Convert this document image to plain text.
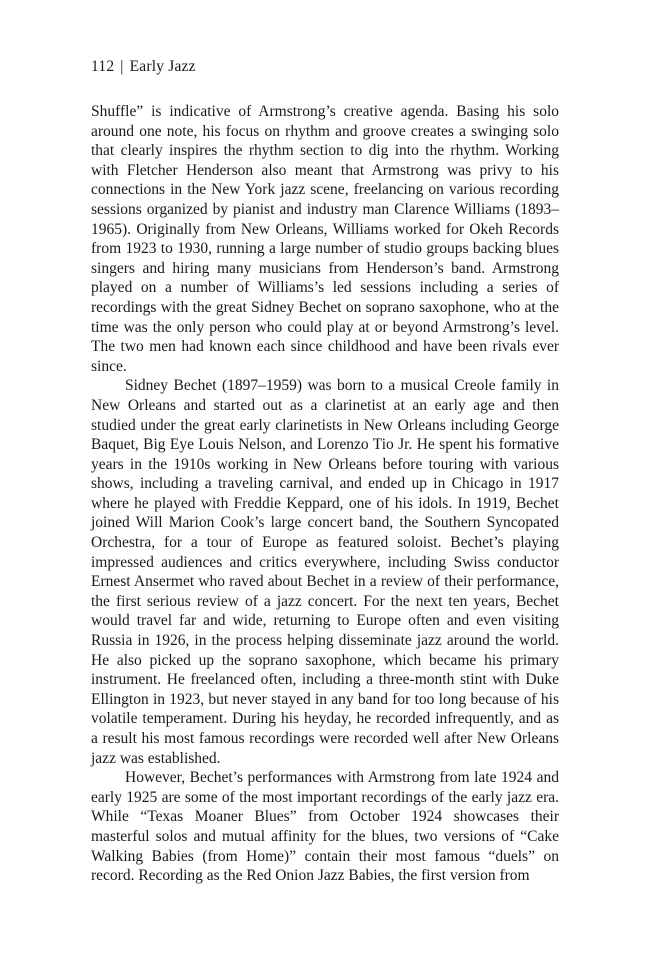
112 | Early Jazz

Shuffle” is indicative of Armstrong’s creative agenda. Basing his solo around one note, his focus on rhythm and groove creates a swinging solo that clearly inspires the rhythm section to dig into the rhythm. Working with Fletcher Henderson also meant that Armstrong was privy to his connections in the New York jazz scene, freelancing on various recording sessions organized by pianist and industry man Clarence Williams (1893–1965). Originally from New Orleans, Williams worked for Okeh Records from 1923 to 1930, running a large number of studio groups backing blues singers and hiring many musicians from Henderson’s band. Armstrong played on a number of Williams’s led sessions including a series of recordings with the great Sidney Bechet on soprano saxophone, who at the time was the only person who could play at or beyond Armstrong’s level. The two men had known each since childhood and have been rivals ever since.

Sidney Bechet (1897–1959) was born to a musical Creole family in New Orleans and started out as a clarinetist at an early age and then studied under the great early clarinetists in New Orleans including George Baquet, Big Eye Louis Nelson, and Lorenzo Tio Jr. He spent his formative years in the 1910s working in New Orleans before touring with various shows, including a traveling carnival, and ended up in Chicago in 1917 where he played with Freddie Keppard, one of his idols. In 1919, Bechet joined Will Marion Cook’s large concert band, the Southern Syncopated Orchestra, for a tour of Europe as featured soloist. Bechet’s playing impressed audiences and critics everywhere, including Swiss conductor Ernest Ansermet who raved about Bechet in a review of their performance, the first serious review of a jazz concert. For the next ten years, Bechet would travel far and wide, returning to Europe often and even visiting Russia in 1926, in the process helping disseminate jazz around the world. He also picked up the soprano saxophone, which became his primary instrument. He freelanced often, including a three-month stint with Duke Ellington in 1923, but never stayed in any band for too long because of his volatile temperament. During his heyday, he recorded infrequently, and as a result his most famous recordings were recorded well after New Orleans jazz was established.

However, Bechet’s performances with Armstrong from late 1924 and early 1925 are some of the most important recordings of the early jazz era. While “Texas Moaner Blues” from October 1924 showcases their masterful solos and mutual affinity for the blues, two versions of “Cake Walking Babies (from Home)” contain their most famous “duels” on record. Recording as the Red Onion Jazz Babies, the first version from
